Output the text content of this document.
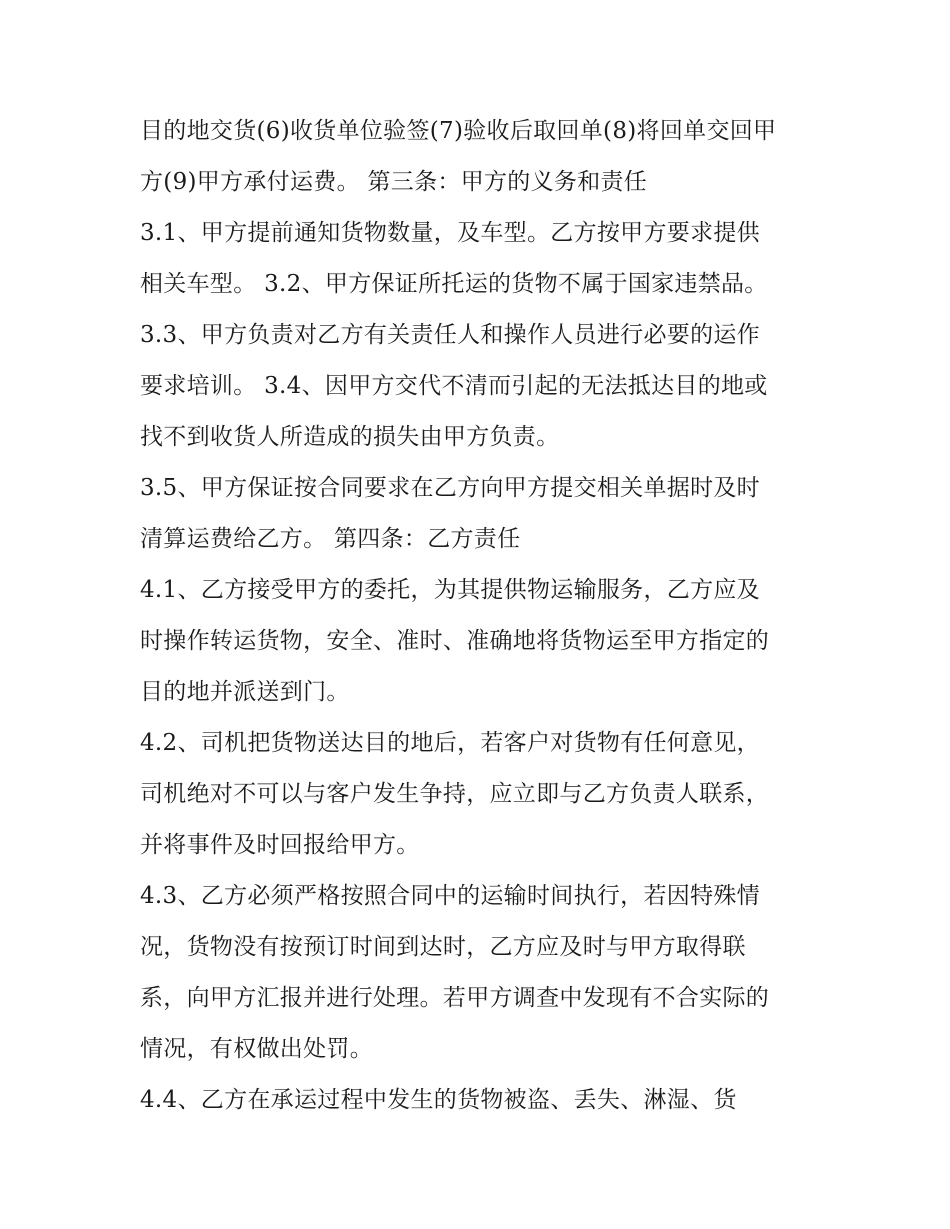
目的地交货(6)收货单位验签(7)验收后取回单(8)将回单交回甲
方(9)甲方承付运费。 第三条：甲方的义务和责任
3.1、甲方提前通知货物数量，及车型。乙方按甲方要求提供
相关车型。 3.2、甲方保证所托运的货物不属于国家违禁品。
3.3、甲方负责对乙方有关责任人和操作人员进行必要的运作
要求培训。 3.4、因甲方交代不清而引起的无法抵达目的地或
找不到收货人所造成的损失由甲方负责。
3.5、甲方保证按合同要求在乙方向甲方提交相关单据时及时
清算运费给乙方。 第四条：乙方责任
4.1、乙方接受甲方的委托，为其提供物运输服务，乙方应及
时操作转运货物，安全、准时、准确地将货物运至甲方指定的
目的地并派送到门。
4.2、司机把货物送达目的地后，若客户对货物有任何意见，
司机绝对不可以与客户发生争持，应立即与乙方负责人联系，
并将事件及时回报给甲方。
4.3、乙方必须严格按照合同中的运输时间执行，若因特殊情
况，货物没有按预订时间到达时，乙方应及时与甲方取得联
系，向甲方汇报并进行处理。若甲方调查中发现有不合实际的
情况，有权做出处罚。
4.4、乙方在承运过程中发生的货物被盗、丢失、淋湿、货
